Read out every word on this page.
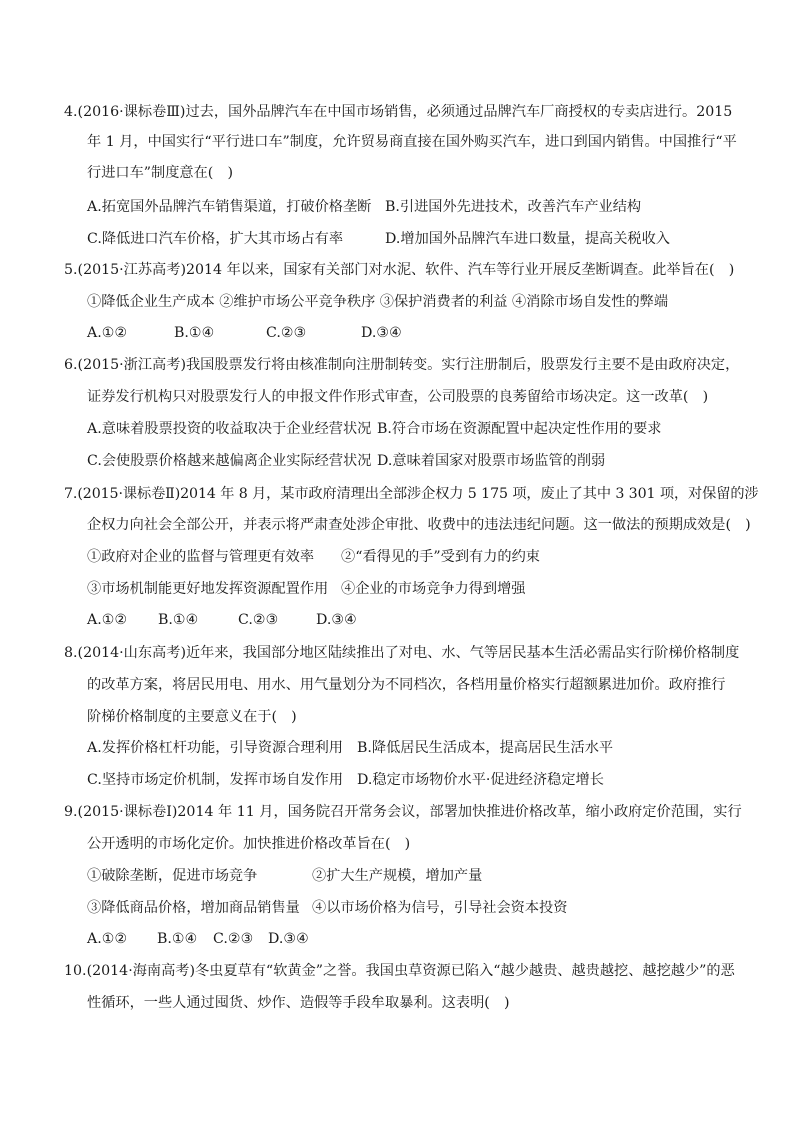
4.(2016·课标卷Ⅲ)过去，国外品牌汽车在中国市场销售，必须通过品牌汽车厂商授权的专卖店进行。2015
年 1 月，中国实行“平行进口车”制度，允许贸易商直接在国外购买汽车，进口到国内销售。中国推行“平
行进口车”制度意在(　)
A.拓宽国外品牌汽车销售渠道，打破价格垄断 B.引进国外先进技术，改善汽车产业结构
C.降低进口汽车价格，扩大其市场占有率	D.增加国外品牌汽车进口数量，提高关税收入
5.(2015·江苏高考)2014 年以来，国家有关部门对水泥、软件、汽车等行业开展反垄断调查。此举旨在(　)
①降低企业生产成本 ②维护市场公平竞争秩序 ③保护消费者的利益 ④消除市场自发性的弊端
A.①②	B.①④	C.②③	D.③④
6.(2015·浙江高考)我国股票发行将由核准制向注册制转变。实行注册制后，股票发行主要不是由政府决定，
证券发行机构只对股票发行人的申报文件作形式审查，公司股票的良莠留给市场决定。这一改革(　)
A.意味着股票投资的收益取决于企业经营状况 B.符合市场在资源配置中起决定性作用的要求
C.会使股票价格越来越偏离企业实际经营状况 D.意味着国家对股票市场监管的削弱
7.(2015·课标卷Ⅱ)2014 年 8 月，某市政府清理出全部涉企权力 5 175 项，废止了其中 3 301 项，对保留的涉
企权力向社会全部公开，并表示将严肃查处涉企审批、收费中的违法违纪问题。这一做法的预期成效是(　)
①政府对企业的监督与管理更有效率 ②“看得见的手”受到有力的约束
③市场机制能更好地发挥资源配置作用 ④企业的市场竞争力得到增强
A.①② B.①④	C.②③	D.③④
8.(2014·山东高考)近年来，我国部分地区陆续推出了对电、水、气等居民基本生活必需品实行阶梯价格制度
的改革方案，将居民用电、用水、用气量划分为不同档次，各档用量价格实行超额累进加价。政府推行
阶梯价格制度的主要意义在于(　)
A.发挥价格杠杆功能，引导资源合理利用 B.降低居民生活成本，提高居民生活水平
C.坚持市场定价机制，发挥市场自发作用 D.稳定市场物价水平·促进经济稳定增长
9.(2015·课标卷Ⅰ)2014 年 11 月，国务院召开常务会议，部署加快推进价格改革，缩小政府定价范围，实行
公开透明的市场化定价。加快推进价格改革旨在(　)
①破除垄断，促进市场竞争	②扩大生产规模，增加产量
③降低商品价格，增加商品销售量 ④以市场价格为信号，引导社会资本投资
A.①② B.①④ C.②③ D.③④
10.(2014·海南高考)冬虫夏草有“软黄金”之誉。我国虫草资源已陷入“越少越贵、越贵越挖、越挖越少”的恶
性循环，一些人通过囤货、炒作、造假等手段牟取暴利。这表明(　)
